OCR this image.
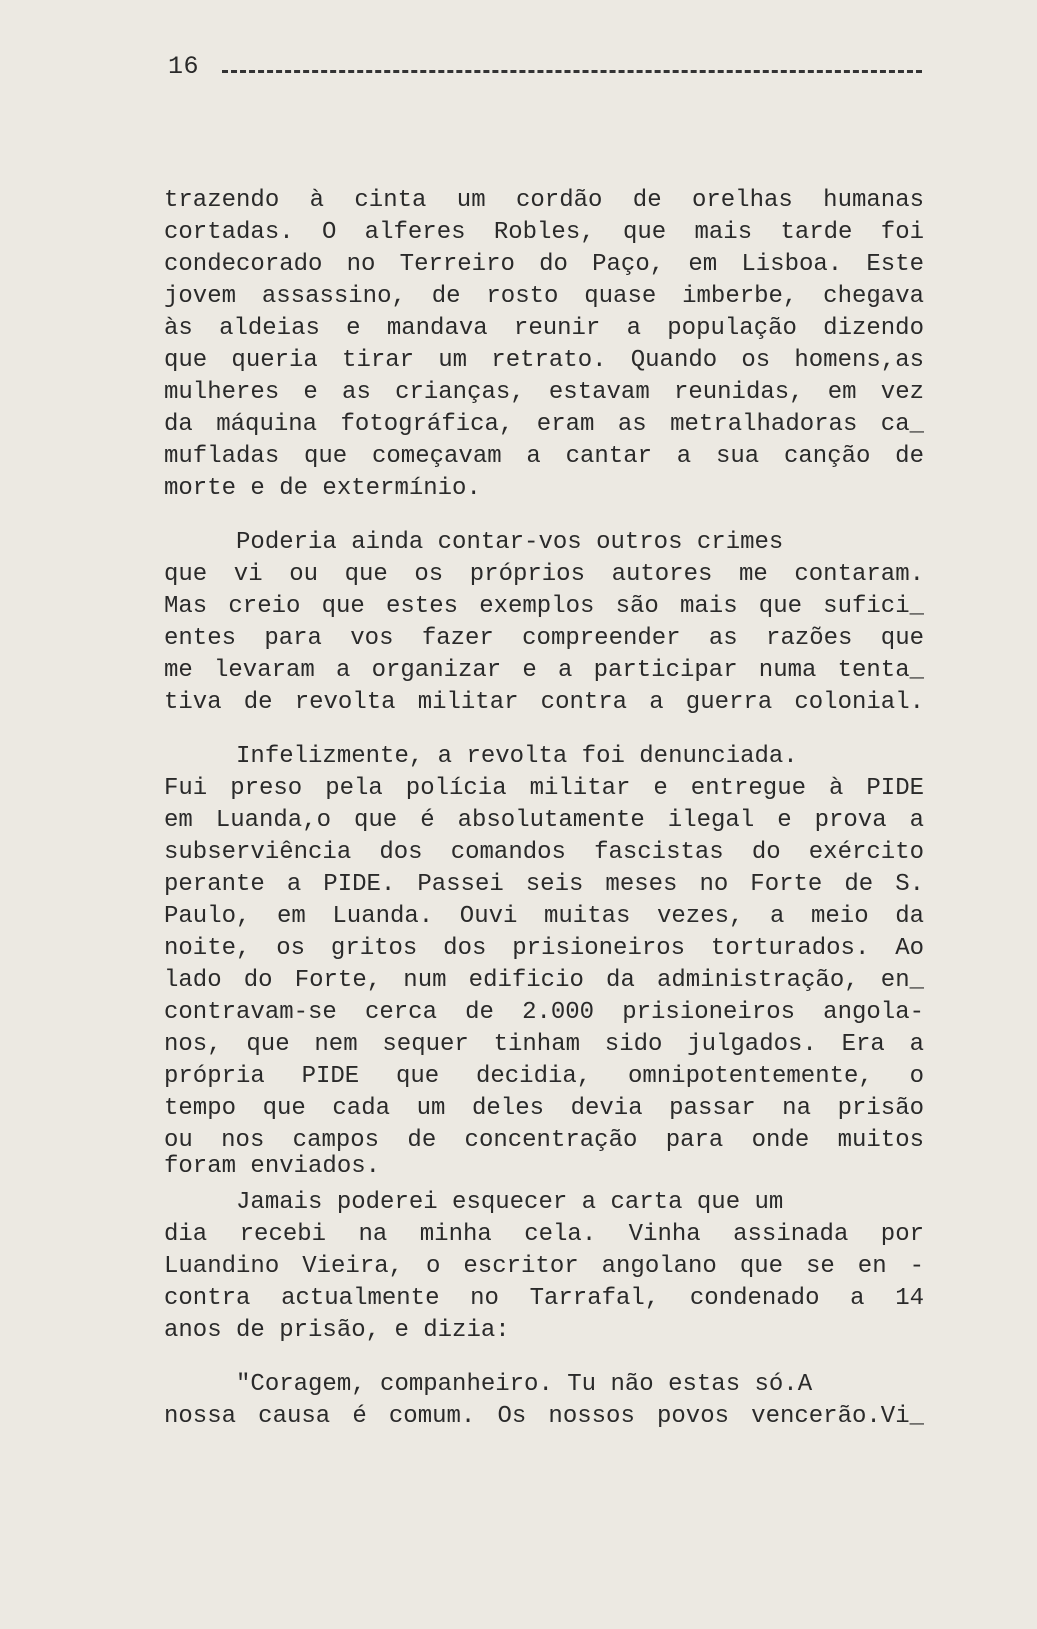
16
trazendo à cinta um cordão de orelhas humanas
cortadas. O alferes Robles, que mais tarde foi
condecorado no Terreiro do Paço, em Lisboa. Este
jovem assassino, de rosto quase imberbe, chegava
às aldeias e mandava reunir a população dizendo
que queria tirar um retrato. Quando os homens,as
mulheres e as crianças, estavam reunidas, em vez
da máquina fotográfica, eram as metralhadoras ca_
mufladas que começavam a cantar a sua canção de
morte e de extermínio.
Poderia ainda contar-vos outros crimes
que vi ou que os próprios autores me contaram.
Mas creio que estes exemplos são mais que sufici_
entes para vos fazer compreender as razões que
me levaram a organizar e a participar numa tenta_
tiva de revolta militar contra a guerra colonial.
Infelizmente, a revolta foi denunciada.
Fui preso pela polícia militar e entregue à PIDE
em Luanda,o que é absolutamente ilegal e prova a
subserviência dos comandos fascistas do exército
perante a PIDE. Passei seis meses no Forte de S.
Paulo, em Luanda. Ouvi muitas vezes, a meio da
noite, os gritos dos prisioneiros torturados. Ao
lado do Forte, num edificio da administração, en_
contravam-se cerca de 2.000 prisioneiros angola-
nos, que nem sequer tinham sido julgados. Era a
própria PIDE que decidia, omnipotentemente, o
tempo que cada um deles devia passar na prisão
ou nos campos de concentração para onde muitos
foram enviados.
Jamais poderei esquecer a carta que um
dia recebi na minha cela. Vinha assinada por
Luandino Vieira, o escritor angolano que se en -
contra actualmente no Tarrafal, condenado a 14
anos de prisão, e dizia:
"Coragem, companheiro. Tu não estas só.A
nossa causa é comum. Os nossos povos vencerão.Vi_
